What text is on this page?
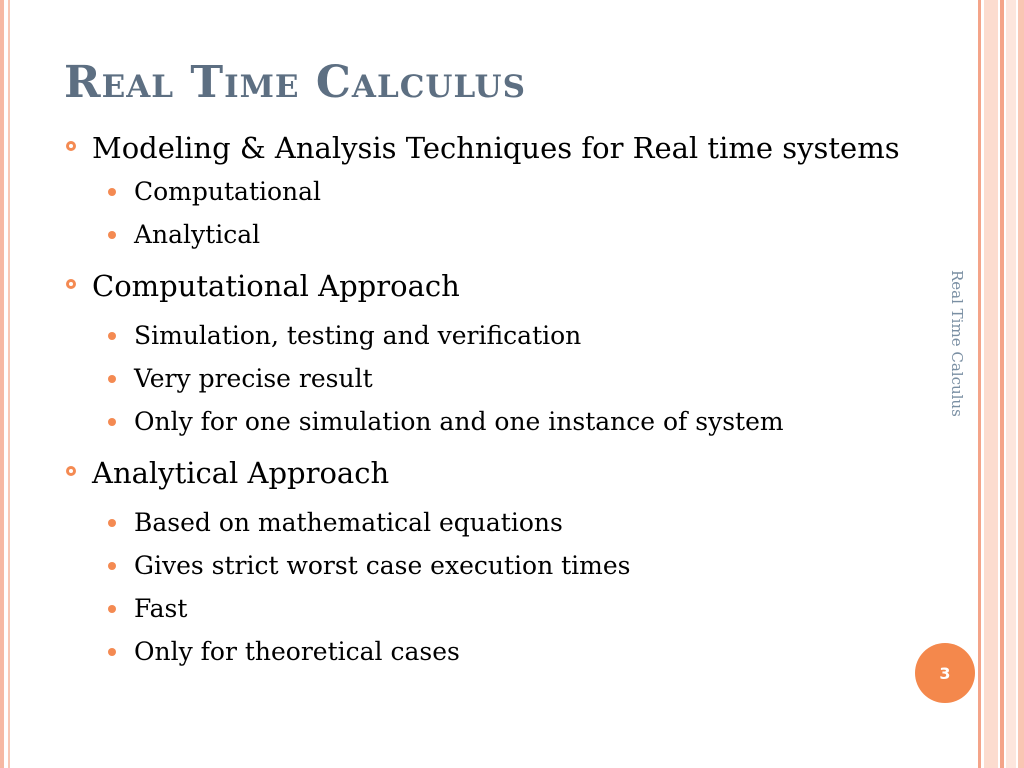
Real Time Calculus
Modeling & Analysis Techniques for Real time systems
Computational
Analytical
Computational Approach
Simulation, testing and verification
Very precise result
Only for one simulation and one instance of system
Analytical Approach
Based on mathematical equations
Gives strict worst case execution times
Fast
Only for theoretical cases
Real Time Calculus
3
